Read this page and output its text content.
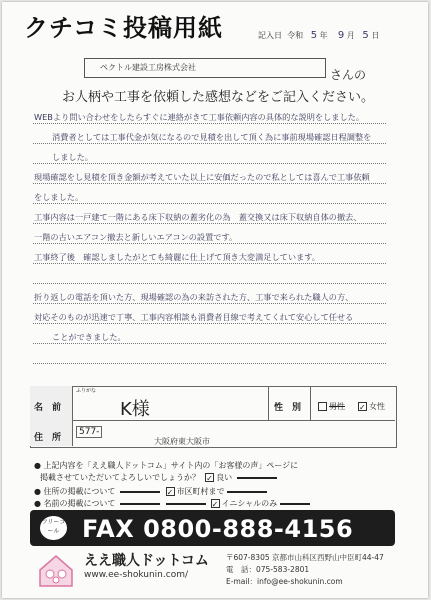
クチコミ投稿用紙	記入日 令和 5 年 9 月 5 日
ペクトル建設工房株式会社
さんの
お人柄や工事を依頼した感想などをご記入ください。
WEBより問い合わせをしたらすぐに連絡がきて工事依頼内容の具体的な説明をしました。
消費者としては工事代金が気になるので見積を出して頂く為に事前現場確認日程調整を
しました。
現場確認をし見積を頂き金額が考えていた以上に安価だったので私としては喜んで工事依頼
をしました。
工事内容は一戸建て一階にある床下収納の蓋劣化の為　蓋交換又は床下収納自体の撤去、
一階の古いエアコン撤去と新しいエアコンの設置です。
工事終了後　確認しましたがとても綺麗に仕上げて頂き大変満足しています。
折り返しの電話を頂いた方、現場確認の為の来訪された方、工事で来られた職人の方、
対応そのものが迅速で丁寧、工事内容相談も消費者目線で考えてくれて安心して任せる
ことができました。
ふりがな
名　前	K様	性　別	男性 ✓ 女性
住　所
577-
大阪府東大阪市
● 上記内容を「ええ職人ドットコム」サイト内の「お客様の声」ページに
掲載させていただいてよろしいでしょうか？ ✓ 良い
● 住所の掲載について	✓ 市区町村まで
● 名前の掲載について	✓ イニシャルのみ
フリーコール FAX 0800-888-4156
ええ職人ドットコム
www.ee-shokunin.com/
〒607-8305 京都市山科区西野山中臣町44-47
電　話：075-583-2801
E-mail：info@ee-shokunin.com
